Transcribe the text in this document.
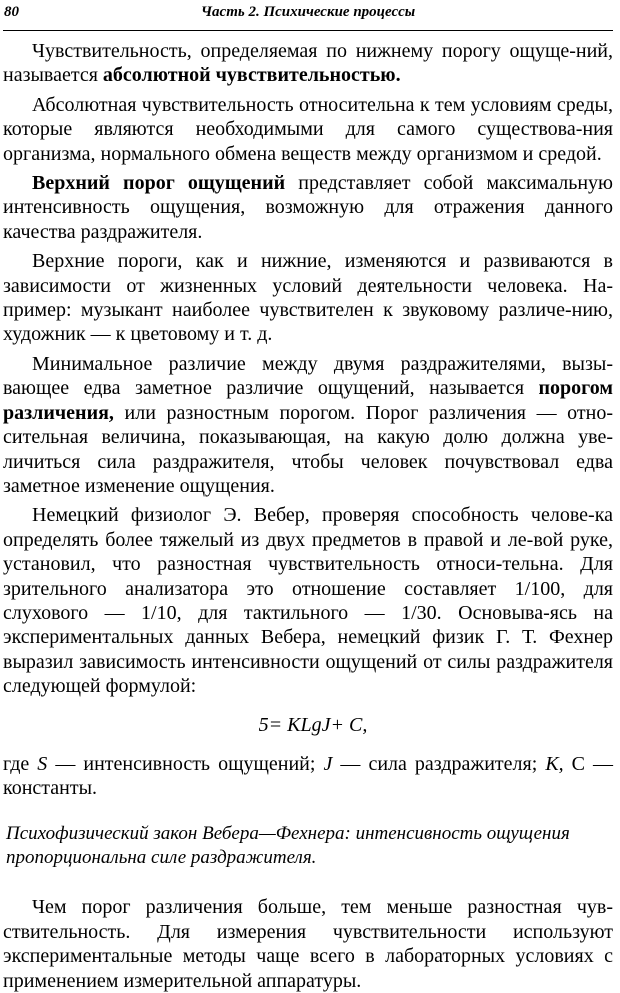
80	Часть 2. Психические процессы

Чувствительность, определяемая по нижнему порогу ощуще-ний, называется абсолютной чувствительностью.

Абсолютная чувствительность относительна к тем условиям среды, которые являются необходимыми для самого существова-ния организма, нормального обмена веществ между организмом и средой.

Верхний порог ощущений представляет собой максимальную интенсивность ощущения, возможную для отражения данного качества раздражителя.

Верхние пороги, как и нижние, изменяются и развиваются в зависимости от жизненных условий деятельности человека. На-пример: музыкант наиболее чувствителен к звуковому различе-нию, художник — к цветовому и т. д.

Минимальное различие между двумя раздражителями, вызы-вающее едва заметное различие ощущений, называется порогом различения, или разностным порогом. Порог различения — отно-сительная величина, показывающая, на какую долю должна уве-личиться сила раздражителя, чтобы человек почувствовал едва заметное изменение ощущения.

Немецкий физиолог Э. Вебер, проверяя способность челове-ка определять более тяжелый из двух предметов в правой и ле-вой руке, установил, что разностная чувствительность относи-тельна. Для зрительного анализатора это отношение составляет 1/100, для слухового — 1/10, для тактильного — 1/30. Основыва-ясь на экспериментальных данных Вебера, немецкий физик Г. Т. Фехнер выразил зависимость интенсивности ощущений от силы раздражителя следующей формулой:

5= KLgJ+ C,

где S — интенсивность ощущений; J — сила раздражителя; К, С — константы.

Психофизический закон Вебера—Фехнера: интенсивность ощущения пропорциональна силе раздражителя.

Чем порог различения больше, тем меньше разностная чув-ствительность. Для измерения чувствительности используют экспериментальные методы чаще всего в лабораторных условиях с применением измерительной аппаратуры.
